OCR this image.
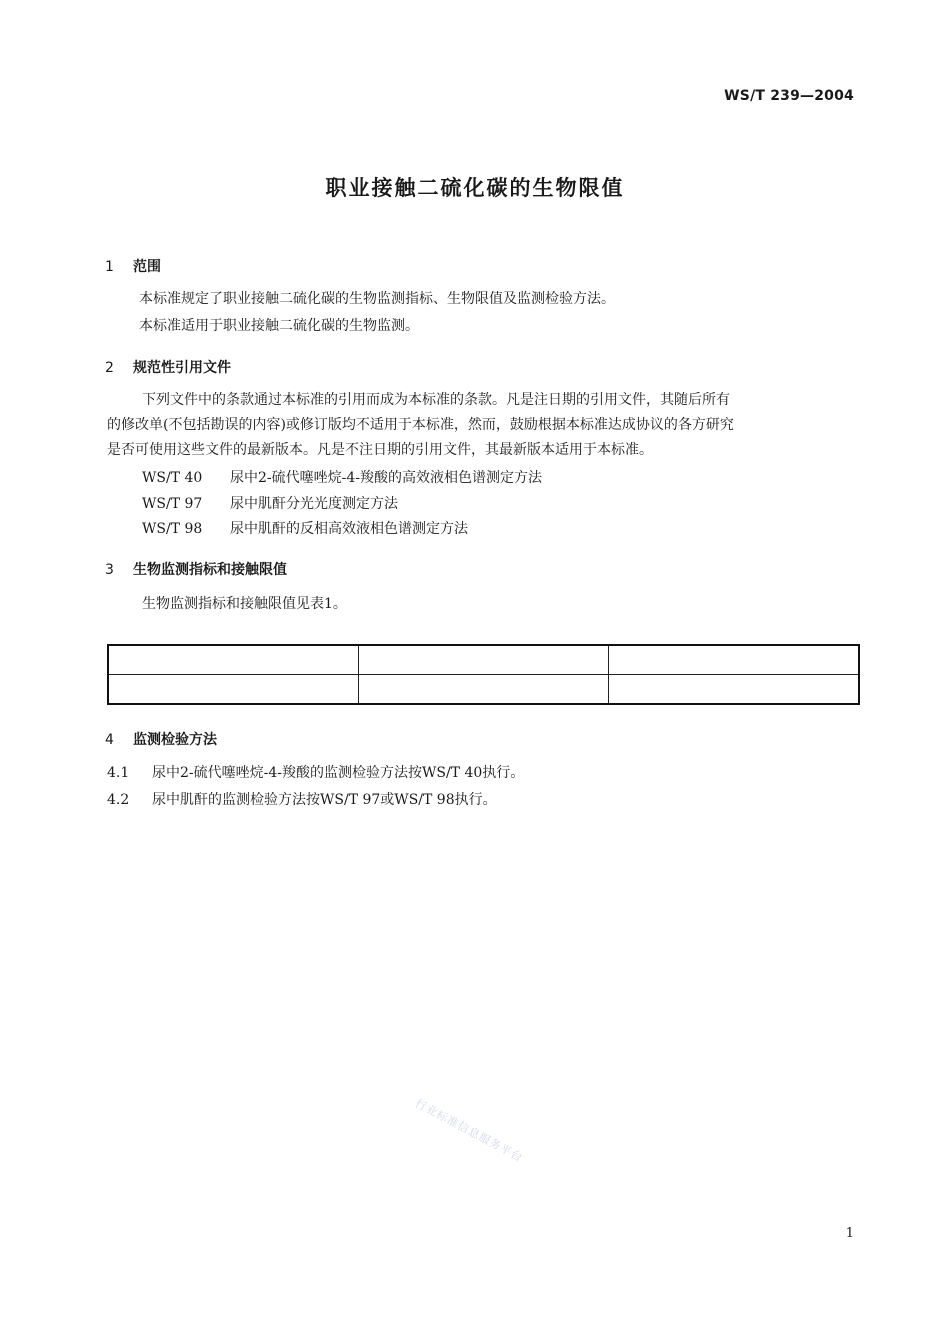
WS/T 239—2004
职业接触二硫化碳的生物限值
1 范围
本标准规定了职业接触二硫化碳的生物监测指标、生物限值及监测检验方法。
本标准适用于职业接触二硫化碳的生物监测。
2 规范性引用文件
下列文件中的条款通过本标准的引用而成为本标准的条款。凡是注日期的引用文件，其随后所有
的修改单(不包括勘误的内容)或修订版均不适用于本标准，然而，鼓励根据本标准达成协议的各方研究
是否可使用这些文件的最新版本。凡是不注日期的引用文件，其最新版本适用于本标准。
WS/T 40 尿中2-硫代噻唑烷-4-羧酸的高效液相色谱测定方法
WS/T 97 尿中肌酐分光光度测定方法
WS/T 98 尿中肌酐的反相高效液相色谱测定方法
3 生物监测指标和接触限值
生物监测指标和接触限值见表1。

4 监测检验方法
4.1 尿中2-硫代噻唑烷-4-羧酸的监测检验方法按WS/T 40执行。
4.2 尿中肌酐的监测检验方法按WS/T 97或WS/T 98执行。
行业标准信息服务平台
1
